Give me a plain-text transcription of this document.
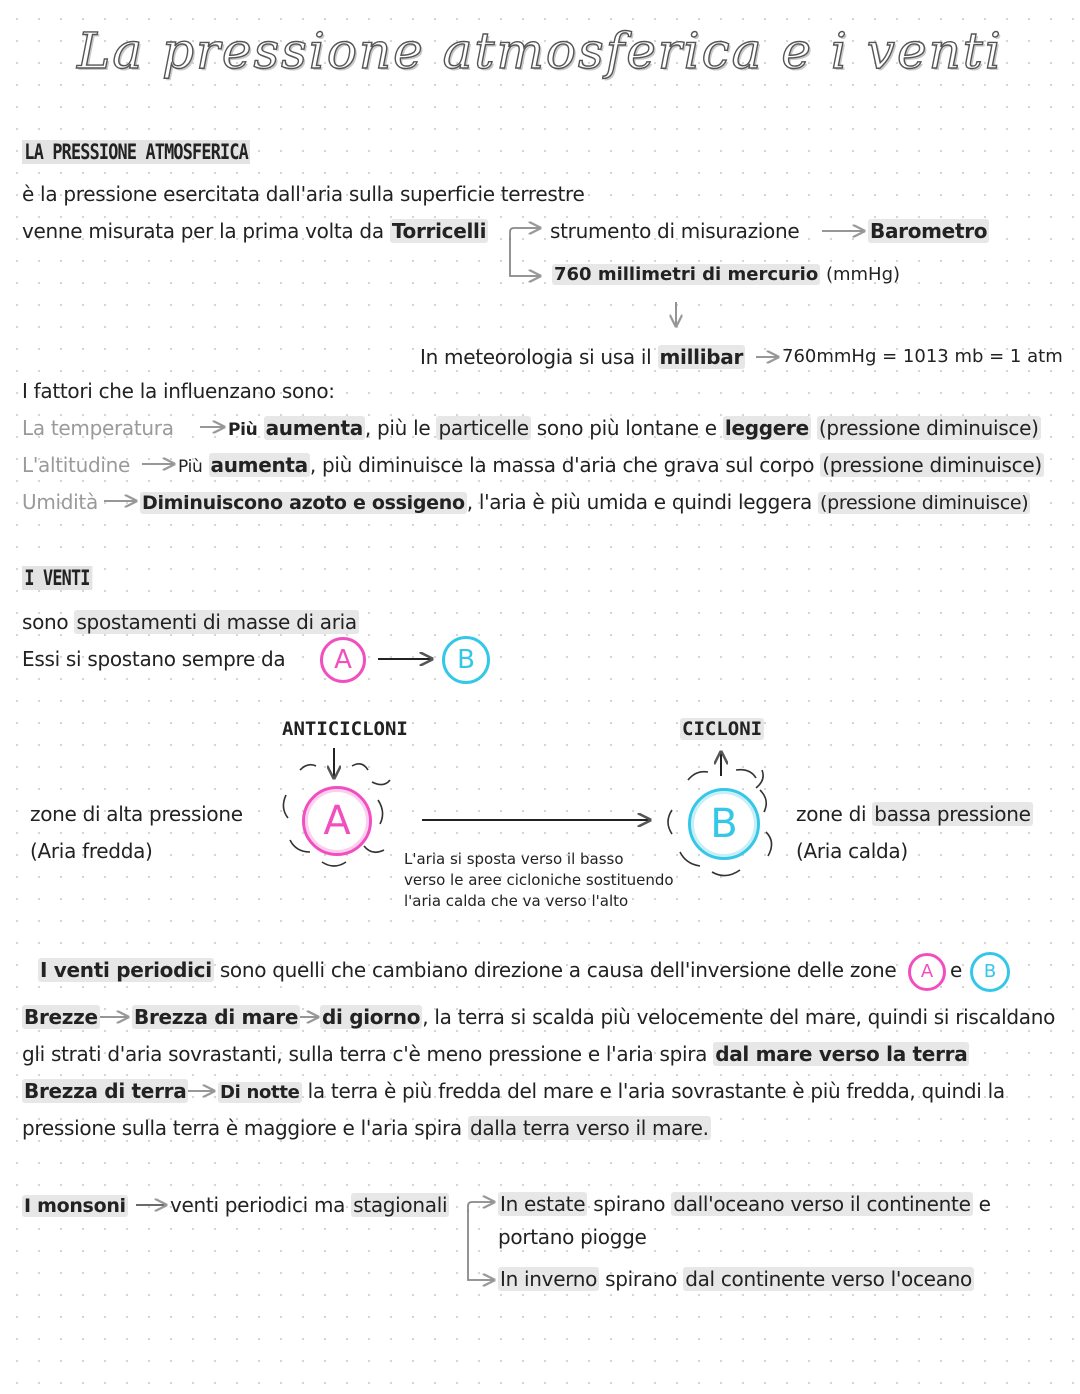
La pressione atmosferica e i venti
LA PRESSIONE ATMOSFERICA
è la pressione esercitata dall'aria sulla superficie terrestre
venne misurata per la prima volta da Torricelli	strumento di misurazione	Barometro
760 millimetri di mercurio (mmHg)
In meteorologia si usa il millibar 760mmHg = 1013 mb = 1 atm
I fattori che la influenzano sono:
La temperatura	Più aumenta , più le particelle sono più lontane e leggere (pressione diminuisce)
L'altitudine	Più aumenta , più diminuisce la massa d'aria che grava sul corpo (pressione diminuisce)
Umidità Diminuiscono azoto e ossigeno , l'aria è più umida e quindi leggera (pressione diminuisce)
I VENTI
sono spostamenti di masse di aria
Essi si spostano sempre da	A	B
ANTICICLONI	CICLONI
zone di alta pressione
(Aria fredda)
A	B
L'aria si sposta verso il basso
verso le aree cicloniche sostituendo
l'aria calda che va verso l'alto
zone di bassa pressione
(Aria calda)
I venti periodici sono quelli che cambiano direzione a causa dell'inversione delle zone	A e	B
Brezze Brezza di mare di giorno , la terra si scalda più velocemente del mare, quindi si riscaldano
gli strati d'aria sovrastanti, sulla terra c'è meno pressione e l'aria spira dal mare verso la terra
Brezza di terra Di notte la terra è più fredda del mare e l'aria sovrastante è più fredda, quindi la
pressione sulla terra è maggiore e l'aria spira dalla terra verso il mare.
I monsoni venti periodici ma stagionali	In estate spirano dall'oceano verso il continente e
portano piogge
In inverno spirano dal continente verso l'oceano
